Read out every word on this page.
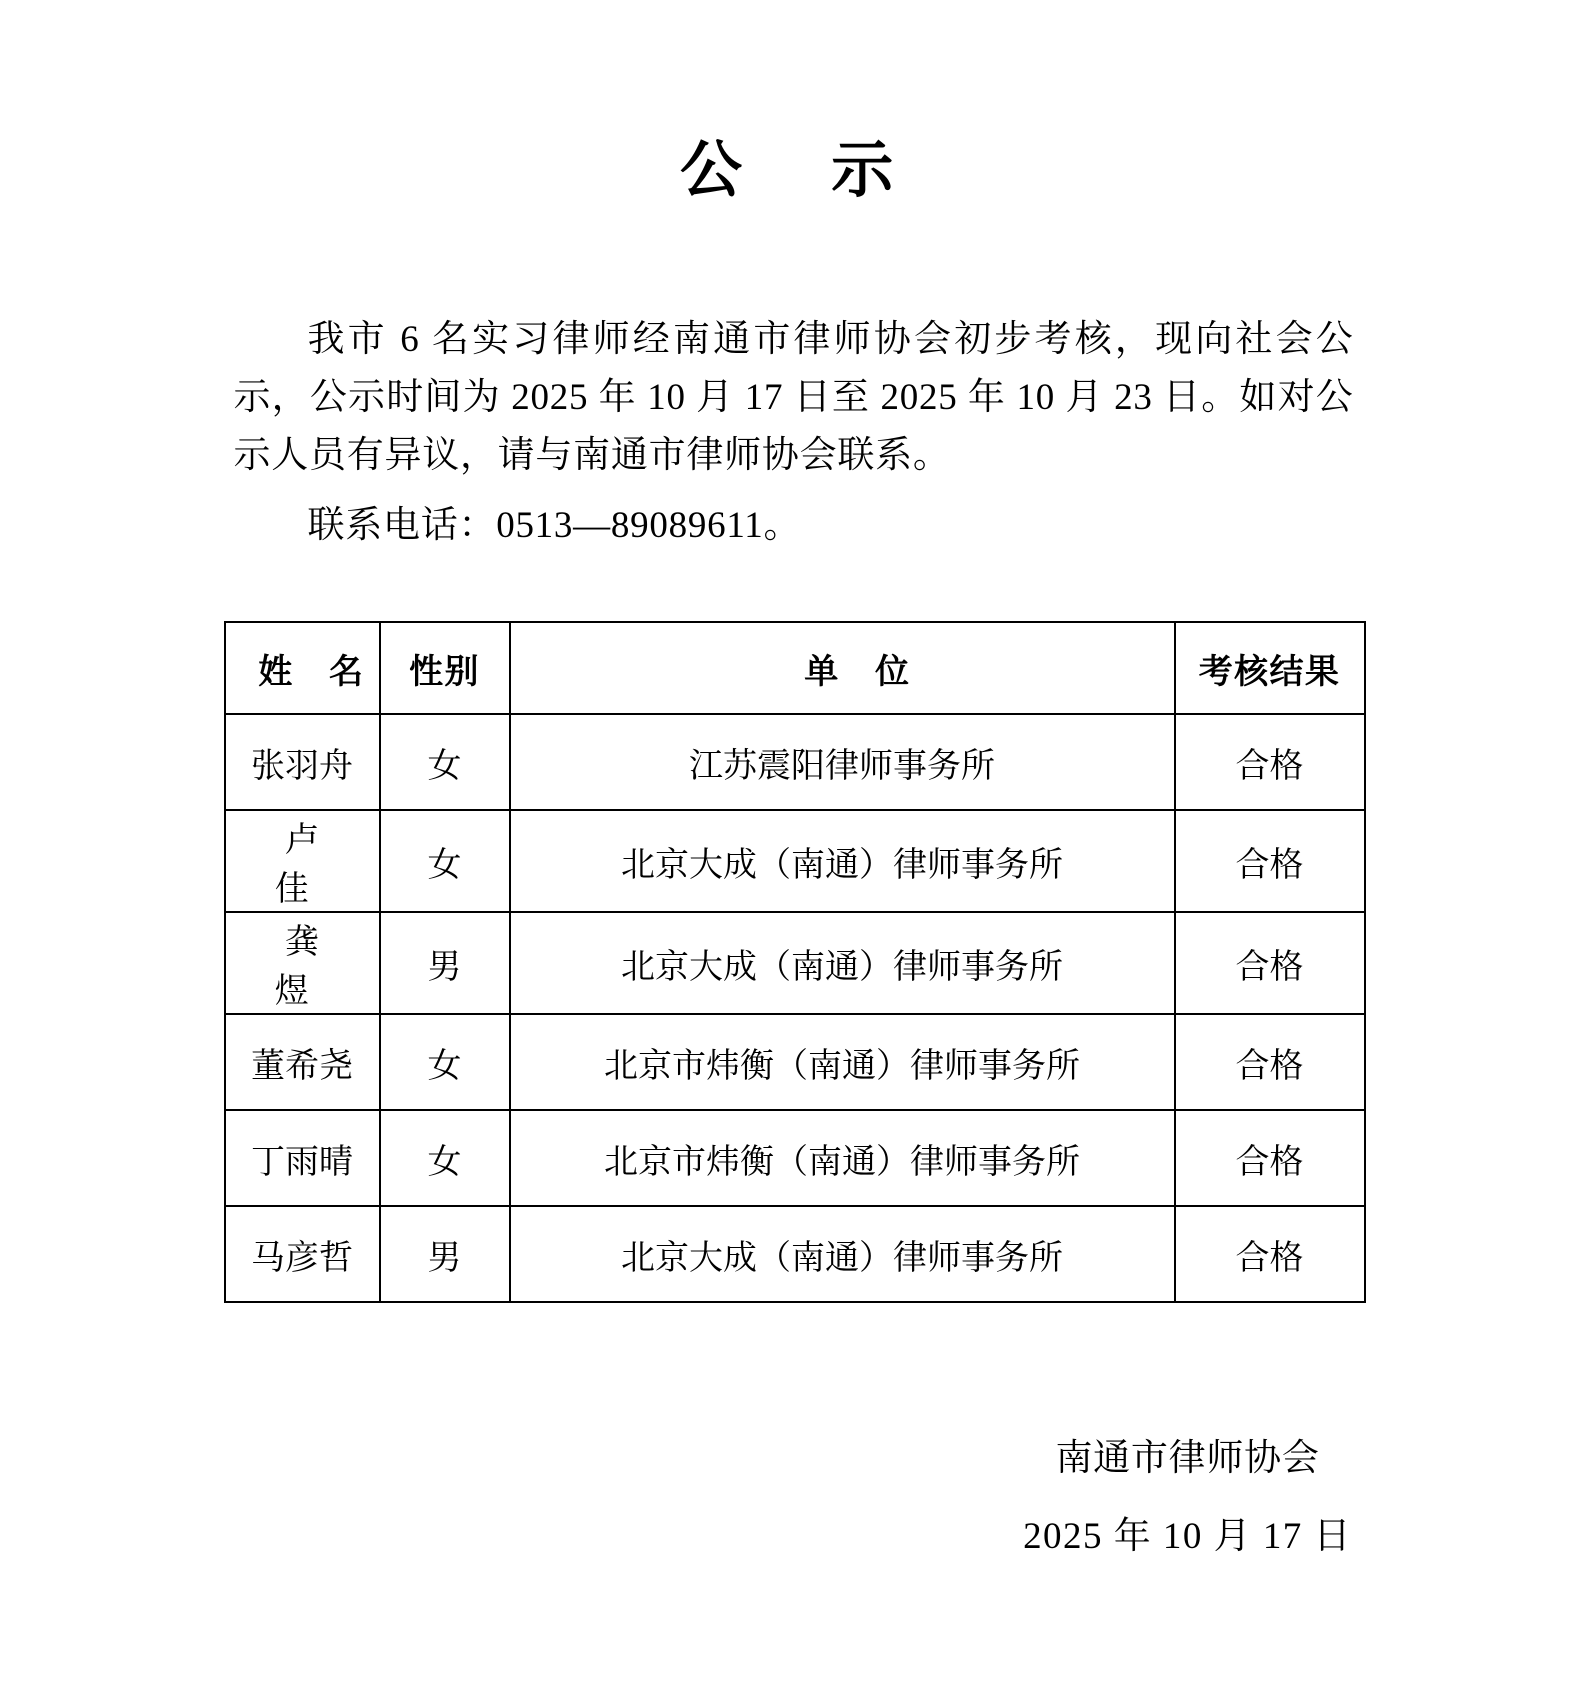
公　示

我市 6 名实习律师经南通市律师协会初步考核，现向社会公示，公示时间为 2025 年 10 月 17 日至 2025 年 10 月 23 日。如对公示人员有异议，请与南通市律师协会联系。

联系电话：0513—89089611。

姓　名	性别	单　位	考核结果
张羽舟	女	江苏震阳律师事务所	合格
卢　佳	女	北京大成（南通）律师事务所	合格
龚　煜	男	北京大成（南通）律师事务所	合格
董希尧	女	北京市炜衡（南通）律师事务所	合格
丁雨晴	女	北京市炜衡（南通）律师事务所	合格
马彦哲	男	北京大成（南通）律师事务所	合格
南通市律师协会
2025 年 10 月 17 日
